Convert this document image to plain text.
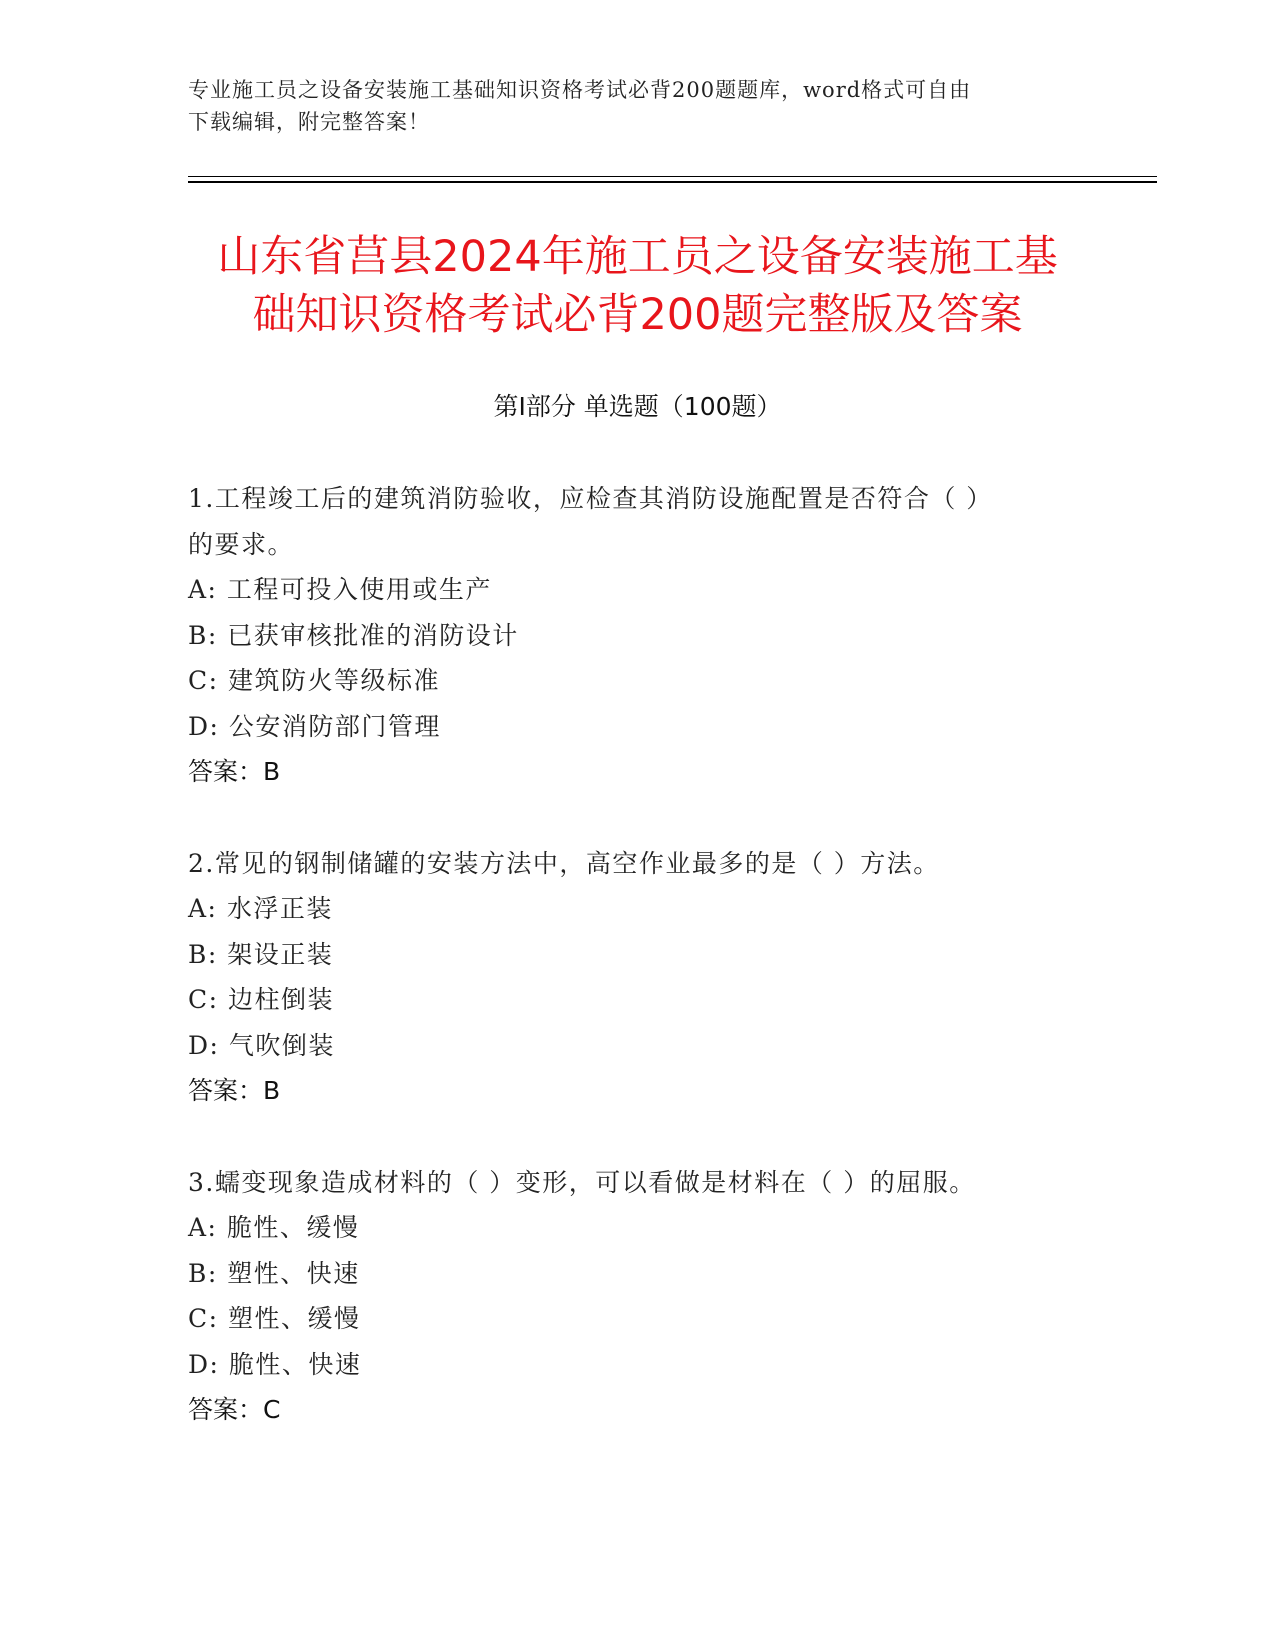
专业施工员之设备安装施工基础知识资格考试必背200题题库，word格式可自由
下载编辑，附完整答案！
山东省莒县2024年施工员之设备安装施工基
础知识资格考试必背200题完整版及答案
第Ⅰ部分 单选题（100题）

1.工程竣工后的建筑消防验收，应检查其消防设施配置是否符合（ ）

的要求。

A: 工程可投入使用或生产

B: 已获审核批准的消防设计

C: 建筑防火等级标准

D: 公安消防部门管理

答案：B

2.常见的钢制储罐的安装方法中，高空作业最多的是（ ）方法。

A: 水浮正装

B: 架设正装

C: 边柱倒装

D: 气吹倒装

答案：B

3.蠕变现象造成材料的（ ）变形，可以看做是材料在（ ）的屈服。

A: 脆性、缓慢

B: 塑性、快速

C: 塑性、缓慢

D: 脆性、快速

答案：C
